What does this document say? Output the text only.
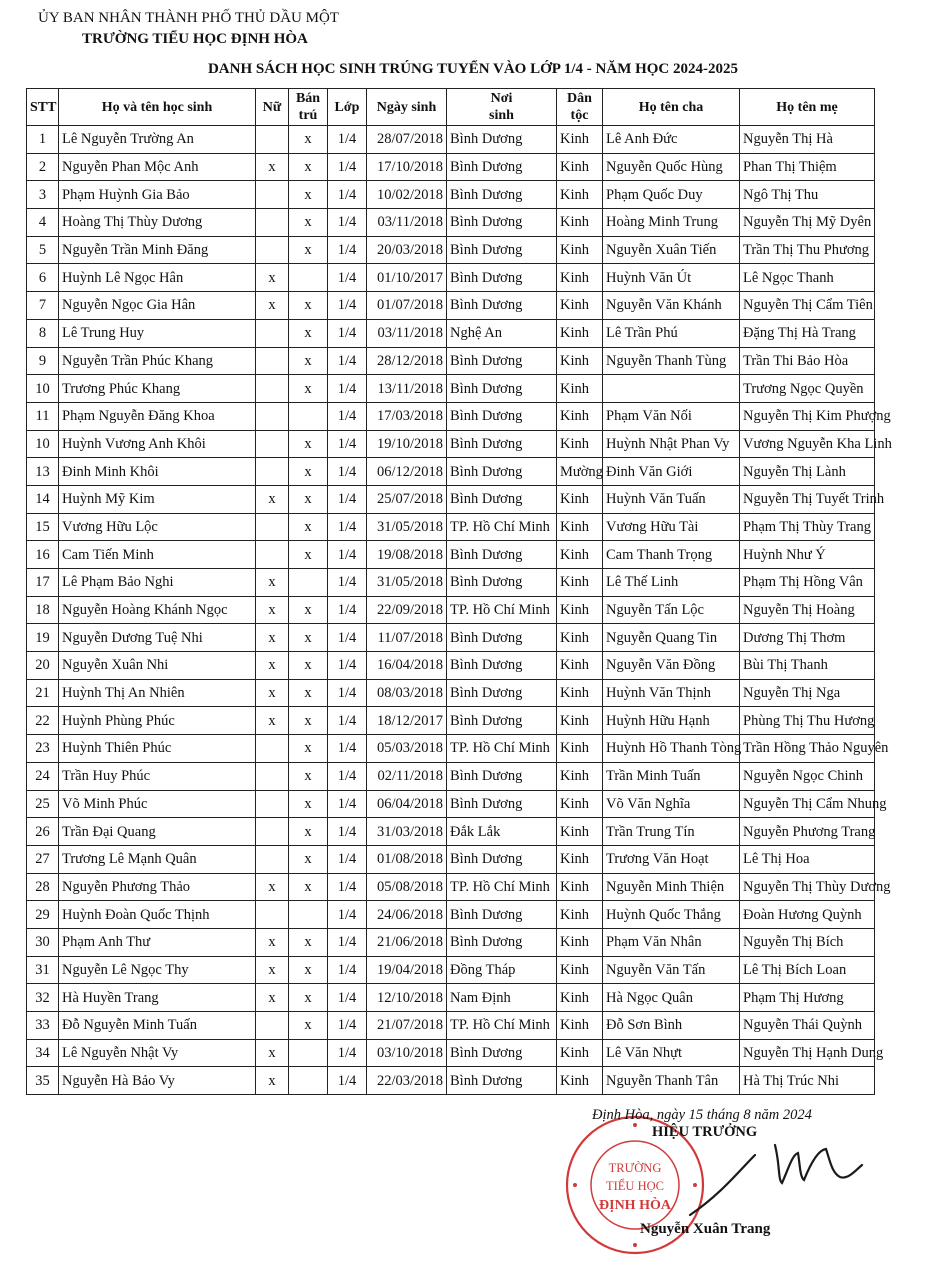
ỦY BAN NHÂN THÀNH PHỐ THỦ DẦU MỘT
TRƯỜNG TIỂU HỌC ĐỊNH HÒA
DANH SÁCH HỌC SINH TRÚNG TUYỂN VÀO LỚP 1/4 - NĂM HỌC 2024-2025
STT	Họ và tên học sinh	Nữ	Bán
trú	Lớp	Ngày sinh	Nơi
sinh	Dân
tộc	Họ tên cha	Họ tên mẹ
1	Lê Nguyễn Trường An		x	1/4	28/07/2018	Bình Dương	Kinh	Lê Anh Đức	Nguyễn Thị Hà
2	Nguyễn Phan Mộc Anh	x	x	1/4	17/10/2018	Bình Dương	Kinh	Nguyễn Quốc Hùng	Phan Thị Thiệm
3	Phạm Huỳnh Gia Bảo		x	1/4	10/02/2018	Bình Dương	Kinh	Phạm Quốc Duy	Ngô Thị Thu
4	Hoàng Thị Thùy Dương		x	1/4	03/11/2018	Bình Dương	Kinh	Hoàng Minh Trung	Nguyễn Thị Mỹ Dyên
5	Nguyễn Trần Minh Đăng		x	1/4	20/03/2018	Bình Dương	Kinh	Nguyễn Xuân Tiến	Trần Thị Thu Phương
6	Huỳnh Lê Ngọc Hân	x		1/4	01/10/2017	Bình Dương	Kinh	Huỳnh Văn Út	Lê Ngọc Thanh
7	Nguyễn Ngọc Gia Hân	x	x	1/4	01/07/2018	Bình Dương	Kinh	Nguyễn Văn Khánh	Nguyễn Thị Cẩm Tiên
8	Lê Trung Huy		x	1/4	03/11/2018	Nghệ An	Kinh	Lê Trần Phú	Đặng Thị Hà Trang
9	Nguyễn Trần Phúc Khang		x	1/4	28/12/2018	Bình Dương	Kinh	Nguyễn Thanh Tùng	Trần Thi Bảo Hòa
10	Trương Phúc Khang		x	1/4	13/11/2018	Bình Dương	Kinh		Trương Ngọc Quyền
11	Phạm Nguyễn Đăng Khoa			1/4	17/03/2018	Bình Dương	Kinh	Phạm Văn Nối	Nguyễn Thị Kim Phượng
10	Huỳnh Vương Anh Khôi		x	1/4	19/10/2018	Bình Dương	Kinh	Huỳnh Nhật Phan Vy	Vương Nguyễn Kha Linh
13	Đinh Minh Khôi		x	1/4	06/12/2018	Bình Dương	Mường	Đinh Văn Giới	Nguyễn Thị Lành
14	Huỳnh Mỹ Kim	x	x	1/4	25/07/2018	Bình Dương	Kinh	Huỳnh Văn Tuấn	Nguyễn Thị Tuyết Trinh
15	Vương Hữu Lộc		x	1/4	31/05/2018	TP. Hồ Chí Minh	Kinh	Vương Hữu Tài	Phạm Thị Thùy Trang
16	Cam Tiến Minh		x	1/4	19/08/2018	Bình Dương	Kinh	Cam Thanh Trọng	Huỳnh Như Ý
17	Lê Phạm Bảo Nghi	x		1/4	31/05/2018	Bình Dương	Kinh	Lê Thế Linh	Phạm Thị Hồng Vân
18	Nguyễn Hoàng Khánh Ngọc	x	x	1/4	22/09/2018	TP. Hồ Chí Minh	Kinh	Nguyễn Tấn Lộc	Nguyễn Thị Hoàng
19	Nguyễn Dương Tuệ Nhi	x	x	1/4	11/07/2018	Bình Dương	Kinh	Nguyễn Quang Tin	Dương Thị Thơm
20	Nguyễn Xuân Nhi	x	x	1/4	16/04/2018	Bình Dương	Kinh	Nguyễn Văn Đồng	Bùi Thị Thanh
21	Huỳnh Thị An Nhiên	x	x	1/4	08/03/2018	Bình Dương	Kinh	Huỳnh Văn Thịnh	Nguyễn Thị Nga
22	Huỳnh Phùng Phúc	x	x	1/4	18/12/2017	Bình Dương	Kinh	Huỳnh Hữu Hạnh	Phùng Thị Thu Hương
23	Huỳnh Thiên Phúc		x	1/4	05/03/2018	TP. Hồ Chí Minh	Kinh	Huỳnh Hồ Thanh Tòng	Trần Hồng Thảo Nguyên
24	Trần Huy Phúc		x	1/4	02/11/2018	Bình Dương	Kinh	Trần Minh Tuấn	Nguyễn Ngọc Chinh
25	Võ Minh Phúc		x	1/4	06/04/2018	Bình Dương	Kinh	Võ Văn Nghĩa	Nguyễn Thị Cẩm Nhung
26	Trần Đại Quang		x	1/4	31/03/2018	Đắk Lắk	Kinh	Trần Trung Tín	Nguyễn Phương Trang
27	Trương Lê Mạnh Quân		x	1/4	01/08/2018	Bình Dương	Kinh	Trương Văn Hoạt	Lê Thị Hoa
28	Nguyễn Phương Thảo	x	x	1/4	05/08/2018	TP. Hồ Chí Minh	Kinh	Nguyễn Minh Thiện	Nguyễn Thị Thùy Dương
29	Huỳnh Đoàn Quốc Thịnh			1/4	24/06/2018	Bình Dương	Kinh	Huỳnh Quốc Thắng	Đoàn Hương Quỳnh
30	Phạm Anh Thư	x	x	1/4	21/06/2018	Bình Dương	Kinh	Phạm Văn Nhân	Nguyễn Thị Bích
31	Nguyễn Lê Ngọc Thy	x	x	1/4	19/04/2018	Đồng Tháp	Kinh	Nguyễn Văn Tấn	Lê Thị Bích Loan
32	Hà Huyền Trang	x	x	1/4	12/10/2018	Nam Định	Kinh	Hà Ngọc Quân	Phạm Thị Hương
33	Đỗ Nguyễn Minh Tuấn		x	1/4	21/07/2018	TP. Hồ Chí Minh	Kinh	Đỗ Sơn Bình	Nguyễn Thái Quỳnh
34	Lê Nguyễn Nhật Vy	x		1/4	03/10/2018	Bình Dương	Kinh	Lê Văn Nhựt	Nguyễn Thị Hạnh Dung
35	Nguyễn Hà Bảo Vy	x		1/4	22/03/2018	Bình Dương	Kinh	Nguyễn Thanh Tân	Hà Thị Trúc Nhi
TRƯỜNG
TIỂU HỌC
ĐỊNH HÒA
Định Hòa, ngày 15 tháng 8 năm 2024
HIỆU TRƯỞNG
Nguyễn Xuân Trang
